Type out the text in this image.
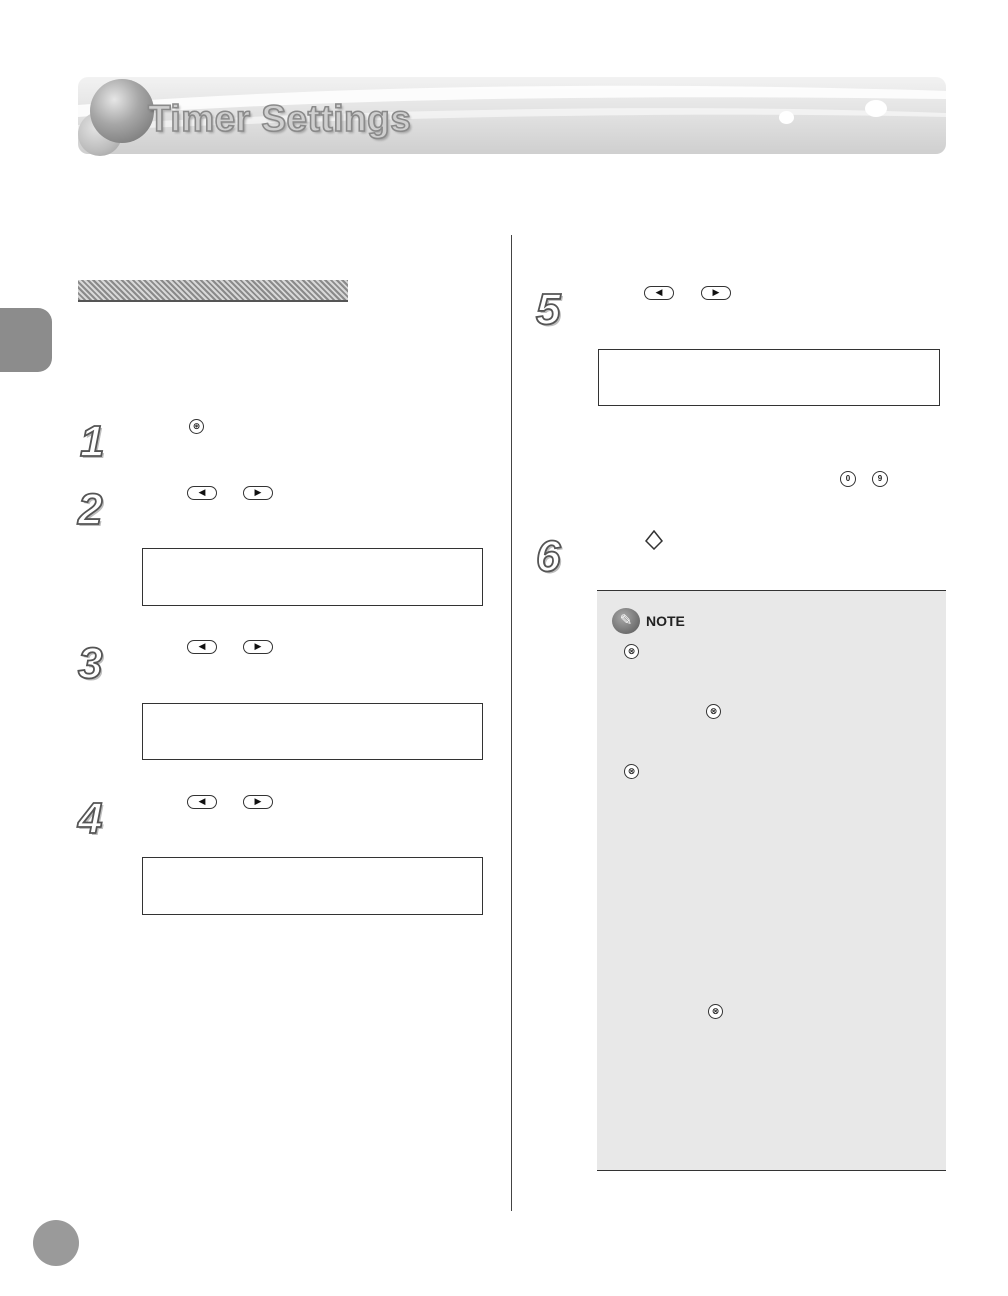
Timer Settings
1	⊛
2	◀	▶
3	◀	▶
4	◀	▶
5	◀	▶
0	9
6
✎ NOTE
⊗
⊗
⊗
⊗
